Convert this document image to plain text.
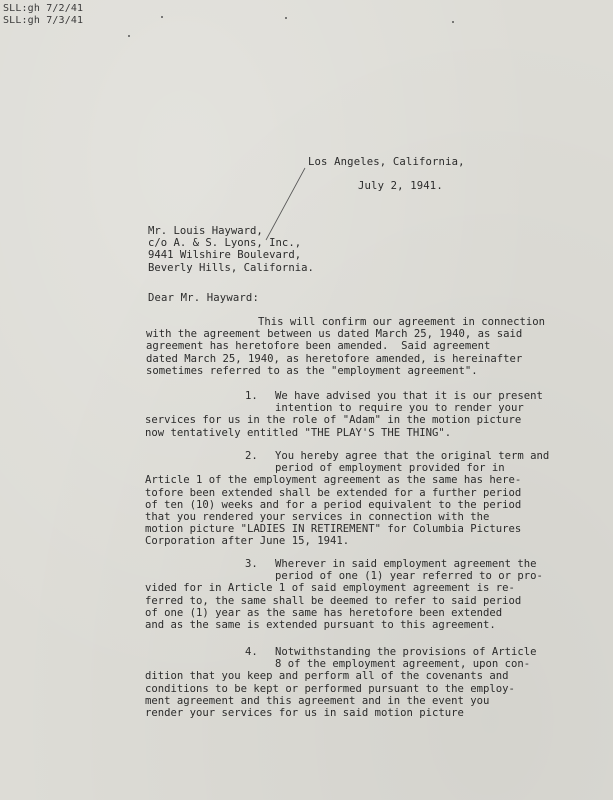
SLL:gh 7/2/41
SLL:gh 7/3/41
Los Angeles, California,
July 2, 1941.
Mr. Louis Hayward,
c/o A. & S. Lyons, Inc.,
9441 Wilshire Boulevard,
Beverly Hills, California.
Dear Mr. Hayward:
This will confirm our agreement in connection
with the agreement between us dated March 25, 1940, as said
agreement has heretofore been amended.  Said agreement
dated March 25, 1940, as heretofore amended, is hereinafter
sometimes referred to as the "employment agreement".
1. We have advised you that it is our present
intention to require you to render your
services for us in the role of "Adam" in the motion picture
now tentatively entitled "THE PLAY'S THE THING".
2. You hereby agree that the original term and
period of employment provided for in
Article 1 of the employment agreement as the same has here-
tofore been extended shall be extended for a further period
of ten (10) weeks and for a period equivalent to the period
that you rendered your services in connection with the
motion picture "LADIES IN RETIREMENT" for Columbia Pictures
Corporation after June 15, 1941.
3. Wherever in said employment agreement the
period of one (1) year referred to or pro-
vided for in Article 1 of said employment agreement is re-
ferred to, the same shall be deemed to refer to said period
of one (1) year as the same has heretofore been extended
and as the same is extended pursuant to this agreement.
4. Notwithstanding the provisions of Article
8 of the employment agreement, upon con-
dition that you keep and perform all of the covenants and
conditions to be kept or performed pursuant to the employ-
ment agreement and this agreement and in the event you
render your services for us in said motion picture
